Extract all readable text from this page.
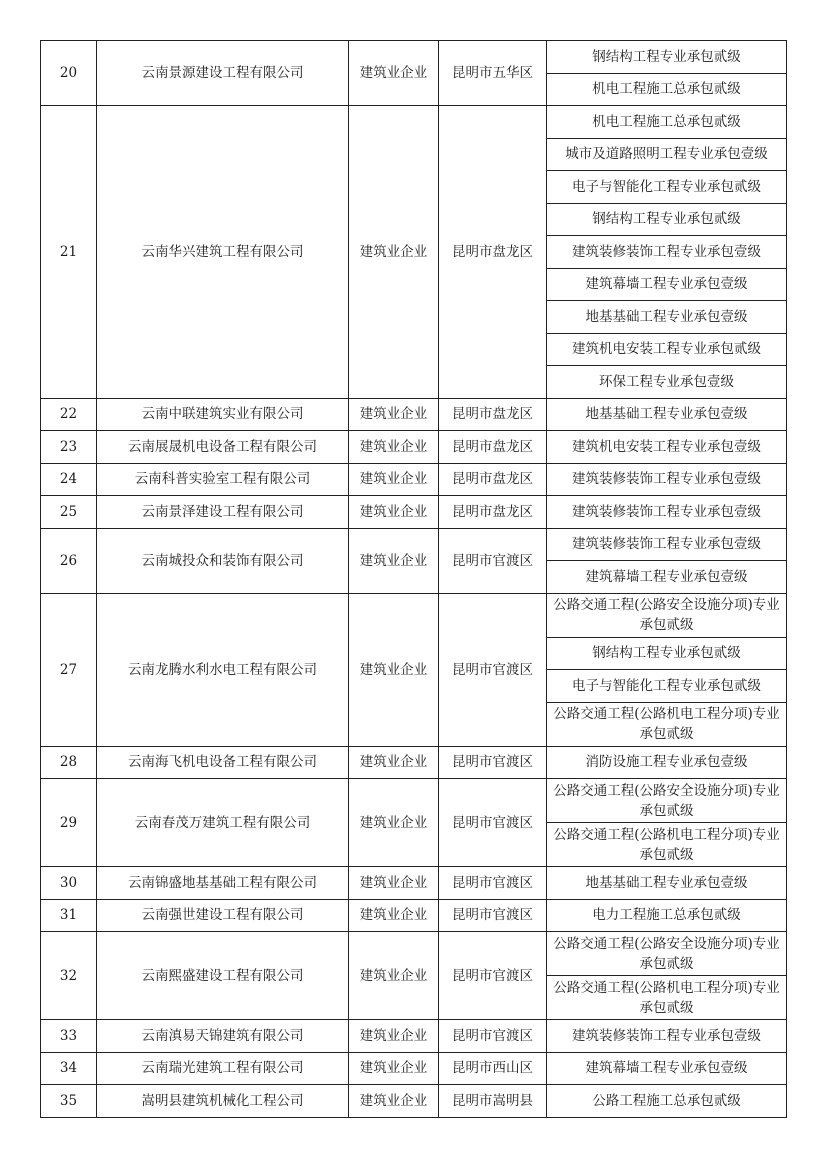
20	云南景源建设工程有限公司	建筑业企业	昆明市五华区	钢结构工程专业承包贰级
				机电工程施工总承包贰级
21	云南华兴建筑工程有限公司	建筑业企业	昆明市盘龙区	机电工程施工总承包贰级
				城市及道路照明工程专业承包壹级
				电子与智能化工程专业承包贰级
				钢结构工程专业承包贰级
				建筑装修装饰工程专业承包壹级
				建筑幕墙工程专业承包壹级
				地基基础工程专业承包壹级
				建筑机电安装工程专业承包贰级
				环保工程专业承包壹级
22	云南中联建筑实业有限公司	建筑业企业	昆明市盘龙区	地基基础工程专业承包壹级
23	云南展晟机电设备工程有限公司	建筑业企业	昆明市盘龙区	建筑机电安装工程专业承包壹级
24	云南科普实验室工程有限公司	建筑业企业	昆明市盘龙区	建筑装修装饰工程专业承包壹级
25	云南景泽建设工程有限公司	建筑业企业	昆明市盘龙区	建筑装修装饰工程专业承包壹级
26	云南城投众和装饰有限公司	建筑业企业	昆明市官渡区	建筑装修装饰工程专业承包壹级
				建筑幕墙工程专业承包壹级
27	云南龙腾水利水电工程有限公司	建筑业企业	昆明市官渡区	公路交通工程(公路安全设施分项)专业承包贰级
				钢结构工程专业承包贰级
				电子与智能化工程专业承包贰级
				公路交通工程(公路机电工程分项)专业承包贰级
28	云南海飞机电设备工程有限公司	建筑业企业	昆明市官渡区	消防设施工程专业承包壹级
29	云南春茂万建筑工程有限公司	建筑业企业	昆明市官渡区	公路交通工程(公路安全设施分项)专业承包贰级
				公路交通工程(公路机电工程分项)专业承包贰级
30	云南锦盛地基基础工程有限公司	建筑业企业	昆明市官渡区	地基基础工程专业承包壹级
31	云南强世建设工程有限公司	建筑业企业	昆明市官渡区	电力工程施工总承包贰级
32	云南熙盛建设工程有限公司	建筑业企业	昆明市官渡区	公路交通工程(公路安全设施分项)专业承包贰级
				公路交通工程(公路机电工程分项)专业承包贰级
33	云南滇易天锦建筑有限公司	建筑业企业	昆明市官渡区	建筑装修装饰工程专业承包壹级
34	云南瑞光建筑工程有限公司	建筑业企业	昆明市西山区	建筑幕墙工程专业承包壹级
35	嵩明县建筑机械化工程公司	建筑业企业	昆明市嵩明县	公路工程施工总承包贰级
